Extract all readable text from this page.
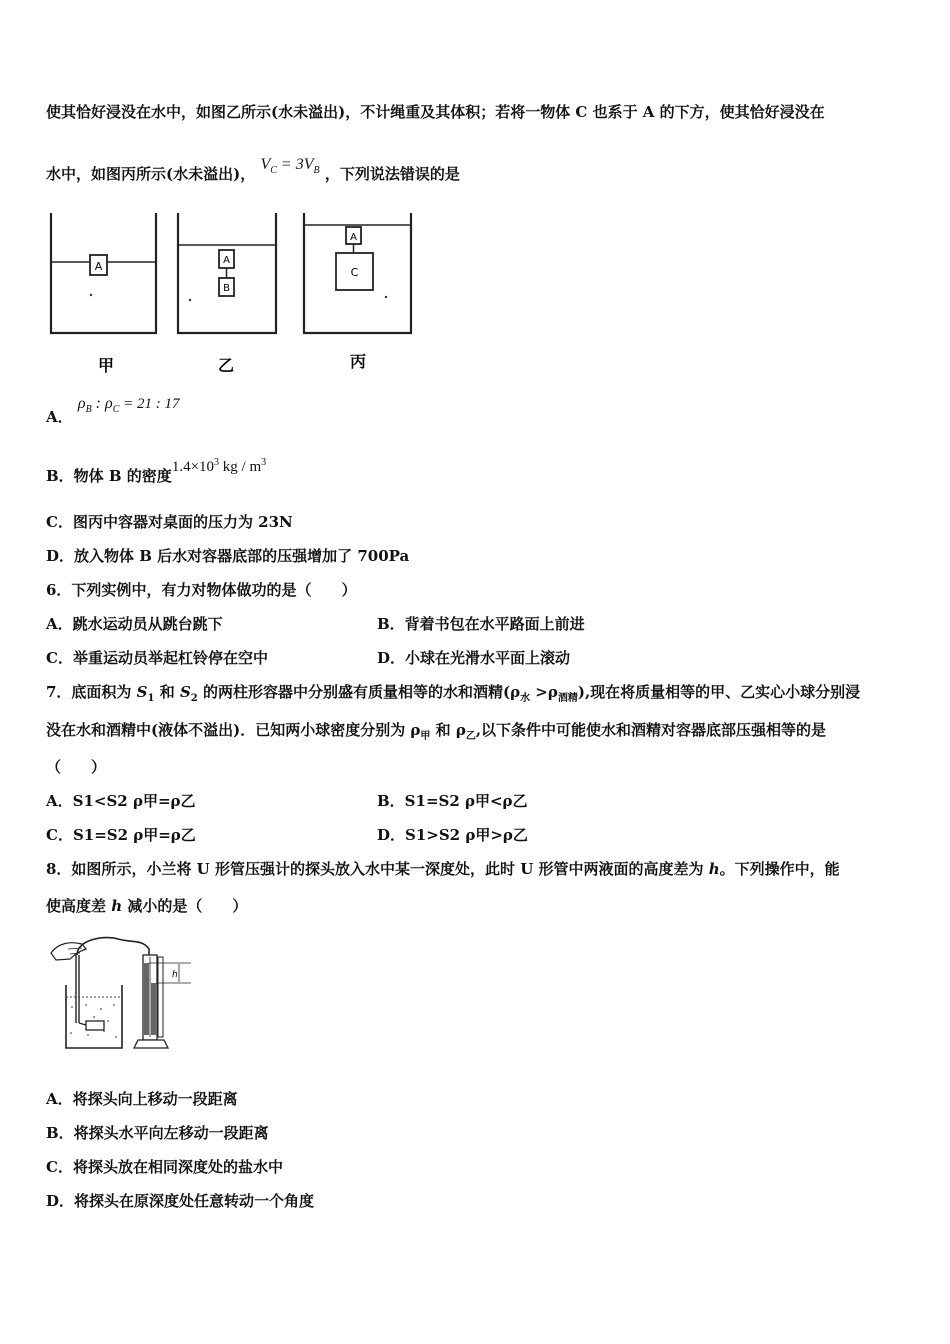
使其恰好浸没在水中，如图乙所示(水未溢出)，不计绳重及其体积；若将一物体 C 也系于 A 的下方，使其恰好浸没在
水中，如图丙所示(水未溢出)， $V_C = 3V_B$ ，下列说法错误的是
A	A
B
A
C
甲	乙	丙
A． $\rho_B$ : $\rho_C = 21$ : 17
B．物体 B 的密度$1.4\times 10^3$ kg / $m^3$
C．图丙中容器对桌面的压力为 23N
D．放入物体 B 后水对容器底部的压强增加了 700Pa
6．下列实例中，有力对物体做功的是（　　）
A．跳水运动员从跳台跳下	B．背着书包在水平路面上前进
C．举重运动员举起杠铃停在空中	D．小球在光滑水平面上滚动
7．底面积为 $S_1$ 和 $S_2$ 的两柱形容器中分别盛有质量相等的水和酒精$(\rho_水 >\rho_{酒精})$,现在将质量相等的甲、乙实心小球分别浸
没在水和酒精中(液体不溢出)．已知两小球密度分别为 $\rho_甲$ 和 $\rho_乙$,以下条件中可能使水和酒精对容器底部压强相等的是
（　　）
A．S1<S2 ρ甲=ρ乙	B．S1=S2 ρ甲<ρ乙
C．S1=S2 ρ甲=ρ乙	D．S1>S2 ρ甲>ρ乙
8．如图所示，小兰将 U 形管压强计的探头放入水中某一深度处，此时 U 形管中两液面的高度差为 h。下列操作中，能
使高度差 h 减小的是（　　）
h
A．将探头向上移动一段距离
B．将探头水平向左移动一段距离
C．将探头放在相同深度处的盐水中
D．将探头在原深度处任意转动一个角度
